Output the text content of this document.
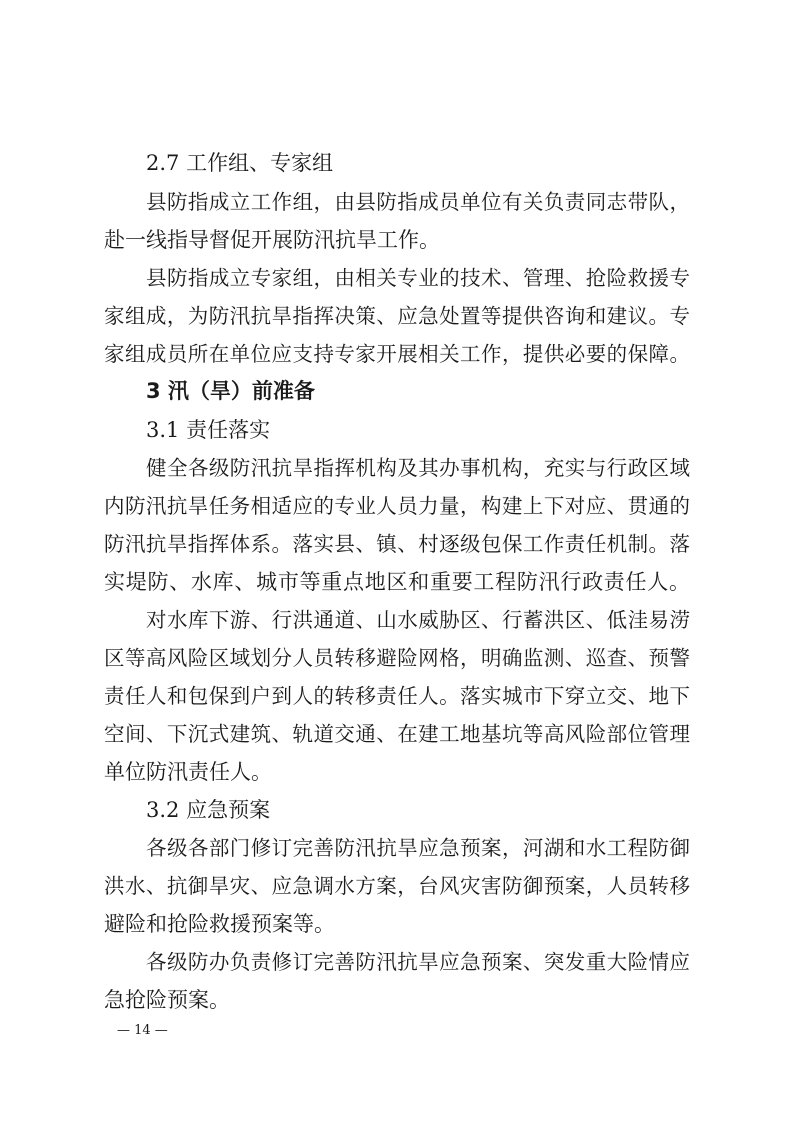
2.7 工作组、专家组
县防指成立工作组，由县防指成员单位有关负责同志带队，
赴一线指导督促开展防汛抗旱工作。
县防指成立专家组，由相关专业的技术、管理、抢险救援专
家组成，为防汛抗旱指挥决策、应急处置等提供咨询和建议。专
家组成员所在单位应支持专家开展相关工作，提供必要的保障。
3 汛（旱）前准备
3.1 责任落实
健全各级防汛抗旱指挥机构及其办事机构，充实与行政区域
内防汛抗旱任务相适应的专业人员力量，构建上下对应、贯通的
防汛抗旱指挥体系。落实县、镇、村逐级包保工作责任机制。落
实堤防、水库、城市等重点地区和重要工程防汛行政责任人。
对水库下游、行洪通道、山水威胁区、行蓄洪区、低洼易涝
区等高风险区域划分人员转移避险网格，明确监测、巡查、预警
责任人和包保到户到人的转移责任人。落实城市下穿立交、地下
空间、下沉式建筑、轨道交通、在建工地基坑等高风险部位管理
单位防汛责任人。
3.2 应急预案
各级各部门修订完善防汛抗旱应急预案，河湖和水工程防御
洪水、抗御旱灾、应急调水方案，台风灾害防御预案，人员转移
避险和抢险救援预案等。
各级防办负责修订完善防汛抗旱应急预案、突发重大险情应
急抢险预案。
— 14 —
